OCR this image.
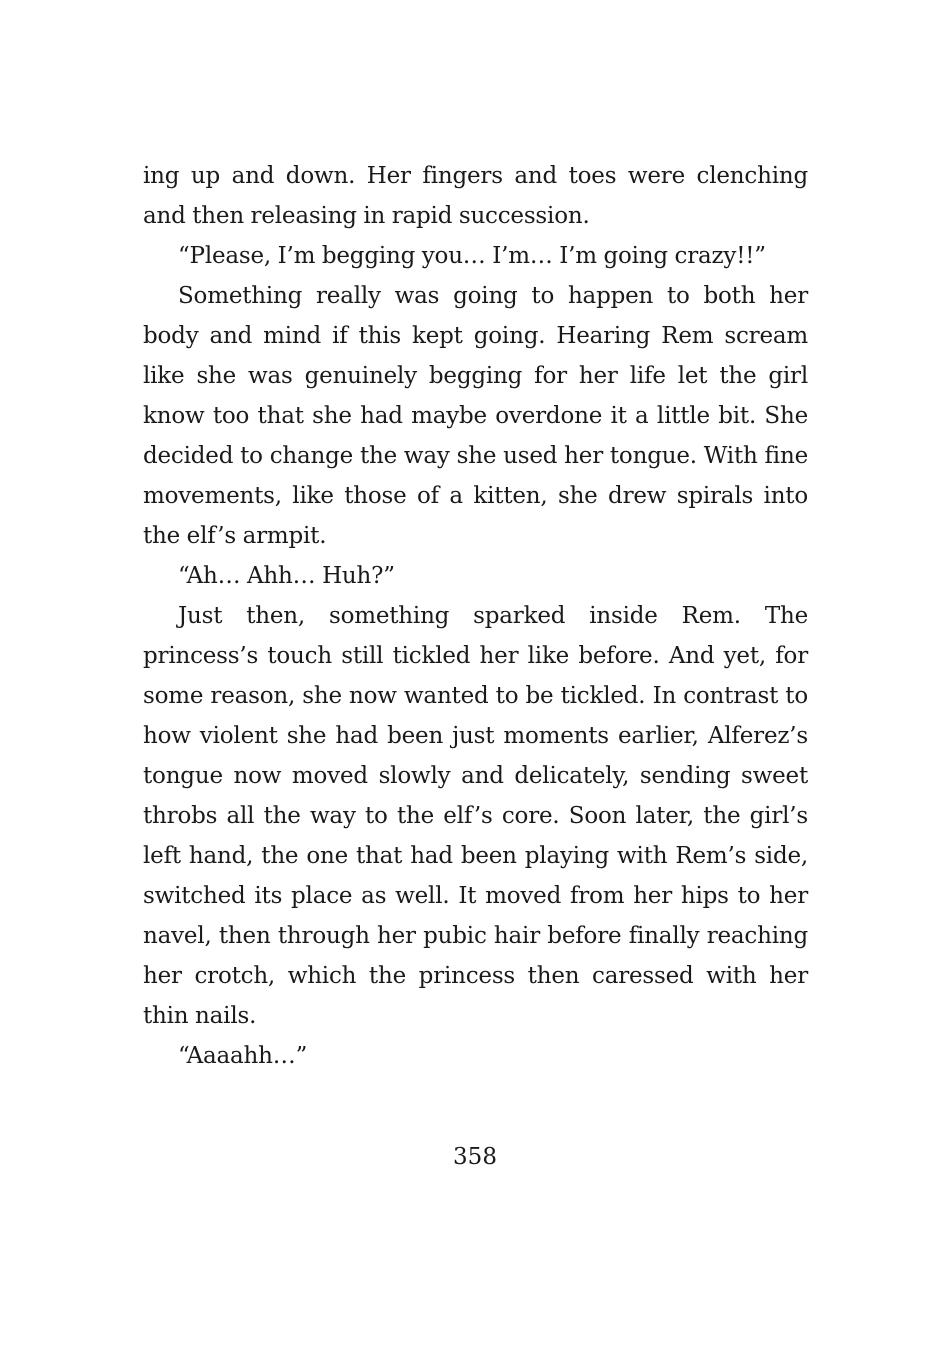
ing up and down. Her fingers and toes were clenching and then releasing in rapid succession.

“Please, I’m begging you… I’m… I’m going crazy!!”

Something really was going to happen to both her body and mind if this kept going. Hearing Rem scream like she was genuinely begging for her life let the girl know too that she had maybe overdone it a little bit. She decided to change the way she used her tongue. With fine movements, like those of a kitten, she drew spirals into the elf’s armpit.

“Ah… Ahh… Huh?”

Just then, something sparked inside Rem. The princess’s touch still tickled her like before. And yet, for some reason, she now wanted to be tickled. In contrast to how violent she had been just moments earlier, Alferez’s tongue now moved slowly and delicately, sending sweet throbs all the way to the elf’s core. Soon later, the girl’s left hand, the one that had been playing with Rem’s side, switched its place as well. It moved from her hips to her navel, then through her pubic hair before finally reaching her crotch, which the princess then caressed with her thin nails.

“Aaaahh…”

358
